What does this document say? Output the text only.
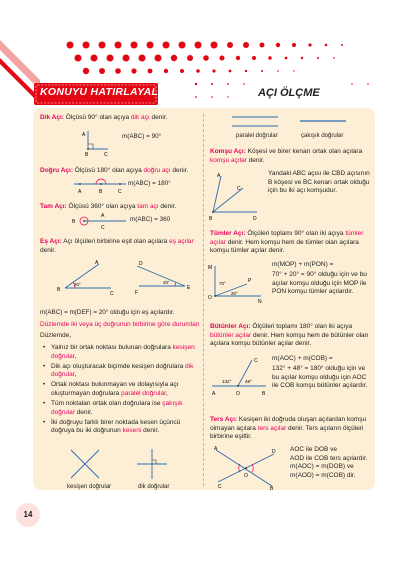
KONUYU HATIRLAYALIM >	AÇI ÖLÇME
Dik Açı: Ölçüsü 90° olan açıya dik açı denir.
A
B	C
m(ABC) = 90°
Doğru Açı: Ölçüsü 180° olan açıya doğru açı denir.
A	B	C
m(ABC) = 180°
Tam Açı: Ölçüsü 360° olan açıya tam açı denir.
B
A
C
m(ABC) = 360
Eş Açı: Açı ölçüleri birbirine eşit olan açılara eş açılar denir.
20°
B
A
C
20°
D
E
F
m(ABC) = m(DEF) = 20° olduğu için eş açılardır.
Düzlemde iki veya üç doğrunun birbirine göre durumları
Düzlemde,
• Yalnız bir ortak noktası bulunan doğrulara kesişen doğrular,
• Dik açı oluşturacak biçimde kesişen doğrulara dik doğrular,
• Ortak noktası bulunmayan ve dolayısıyla açı oluşturmayan doğrulara paralel doğrular,
• Tüm noktaları ortak olan doğrulara ise çakışık doğrular denir.
• İki doğruyu farklı birer noktada kesen üçüncü doğruya bu iki doğrunun keseni denir.
kesişen doğrular	dik doğrular
paralel doğrular	çakışık doğrular
Komşu Açı: Köşesi ve birer kenarı ortak olan açılara komşu açılar denir.
A
C
B	D
Yandaki ABC açısı ile CBD açısının B köşesi ve BC kenarı ortak olduğu için bu iki açı komşudur.
Tümler Açı: Ölçüleri toplamı 90° olan iki açıya tümler açılar denir. Hem komşu hem de tümler olan açılara komşu tümler açılar denir.
70°
20°
M
O
P
N
m(MOP) + m(PON) =
70° + 20° = 90° olduğu için ve bu açılar komşu olduğu için MOP ile PON komşu tümler açılardır.
Bütünler Açı: Ölçüleri toplamı 180° olan iki açıya bütünler açılar denir. Hem komşu hem de bütünler olan açılara komşu bütünler açılar denir.
132°	48°
C
A	O	B
m(AOC) + m(COB) =
132° + 48° = 180° olduğu için ve bu açılar komşu olduğu için AOC ile COB komşu bütünler açılardır.
Ters Açı: Kesişen iki doğruda oluşan açılardan komşu olmayan açılara ters açılar denir. Ters açıların ölçüleri birbirine eşittir.
A	D
C	B
O
AOC ile DOB ve
AOD ile COB ters açılardır.
m(AOC) = m(DOB) ve
m(AOD) = m(COB) dir.
14
